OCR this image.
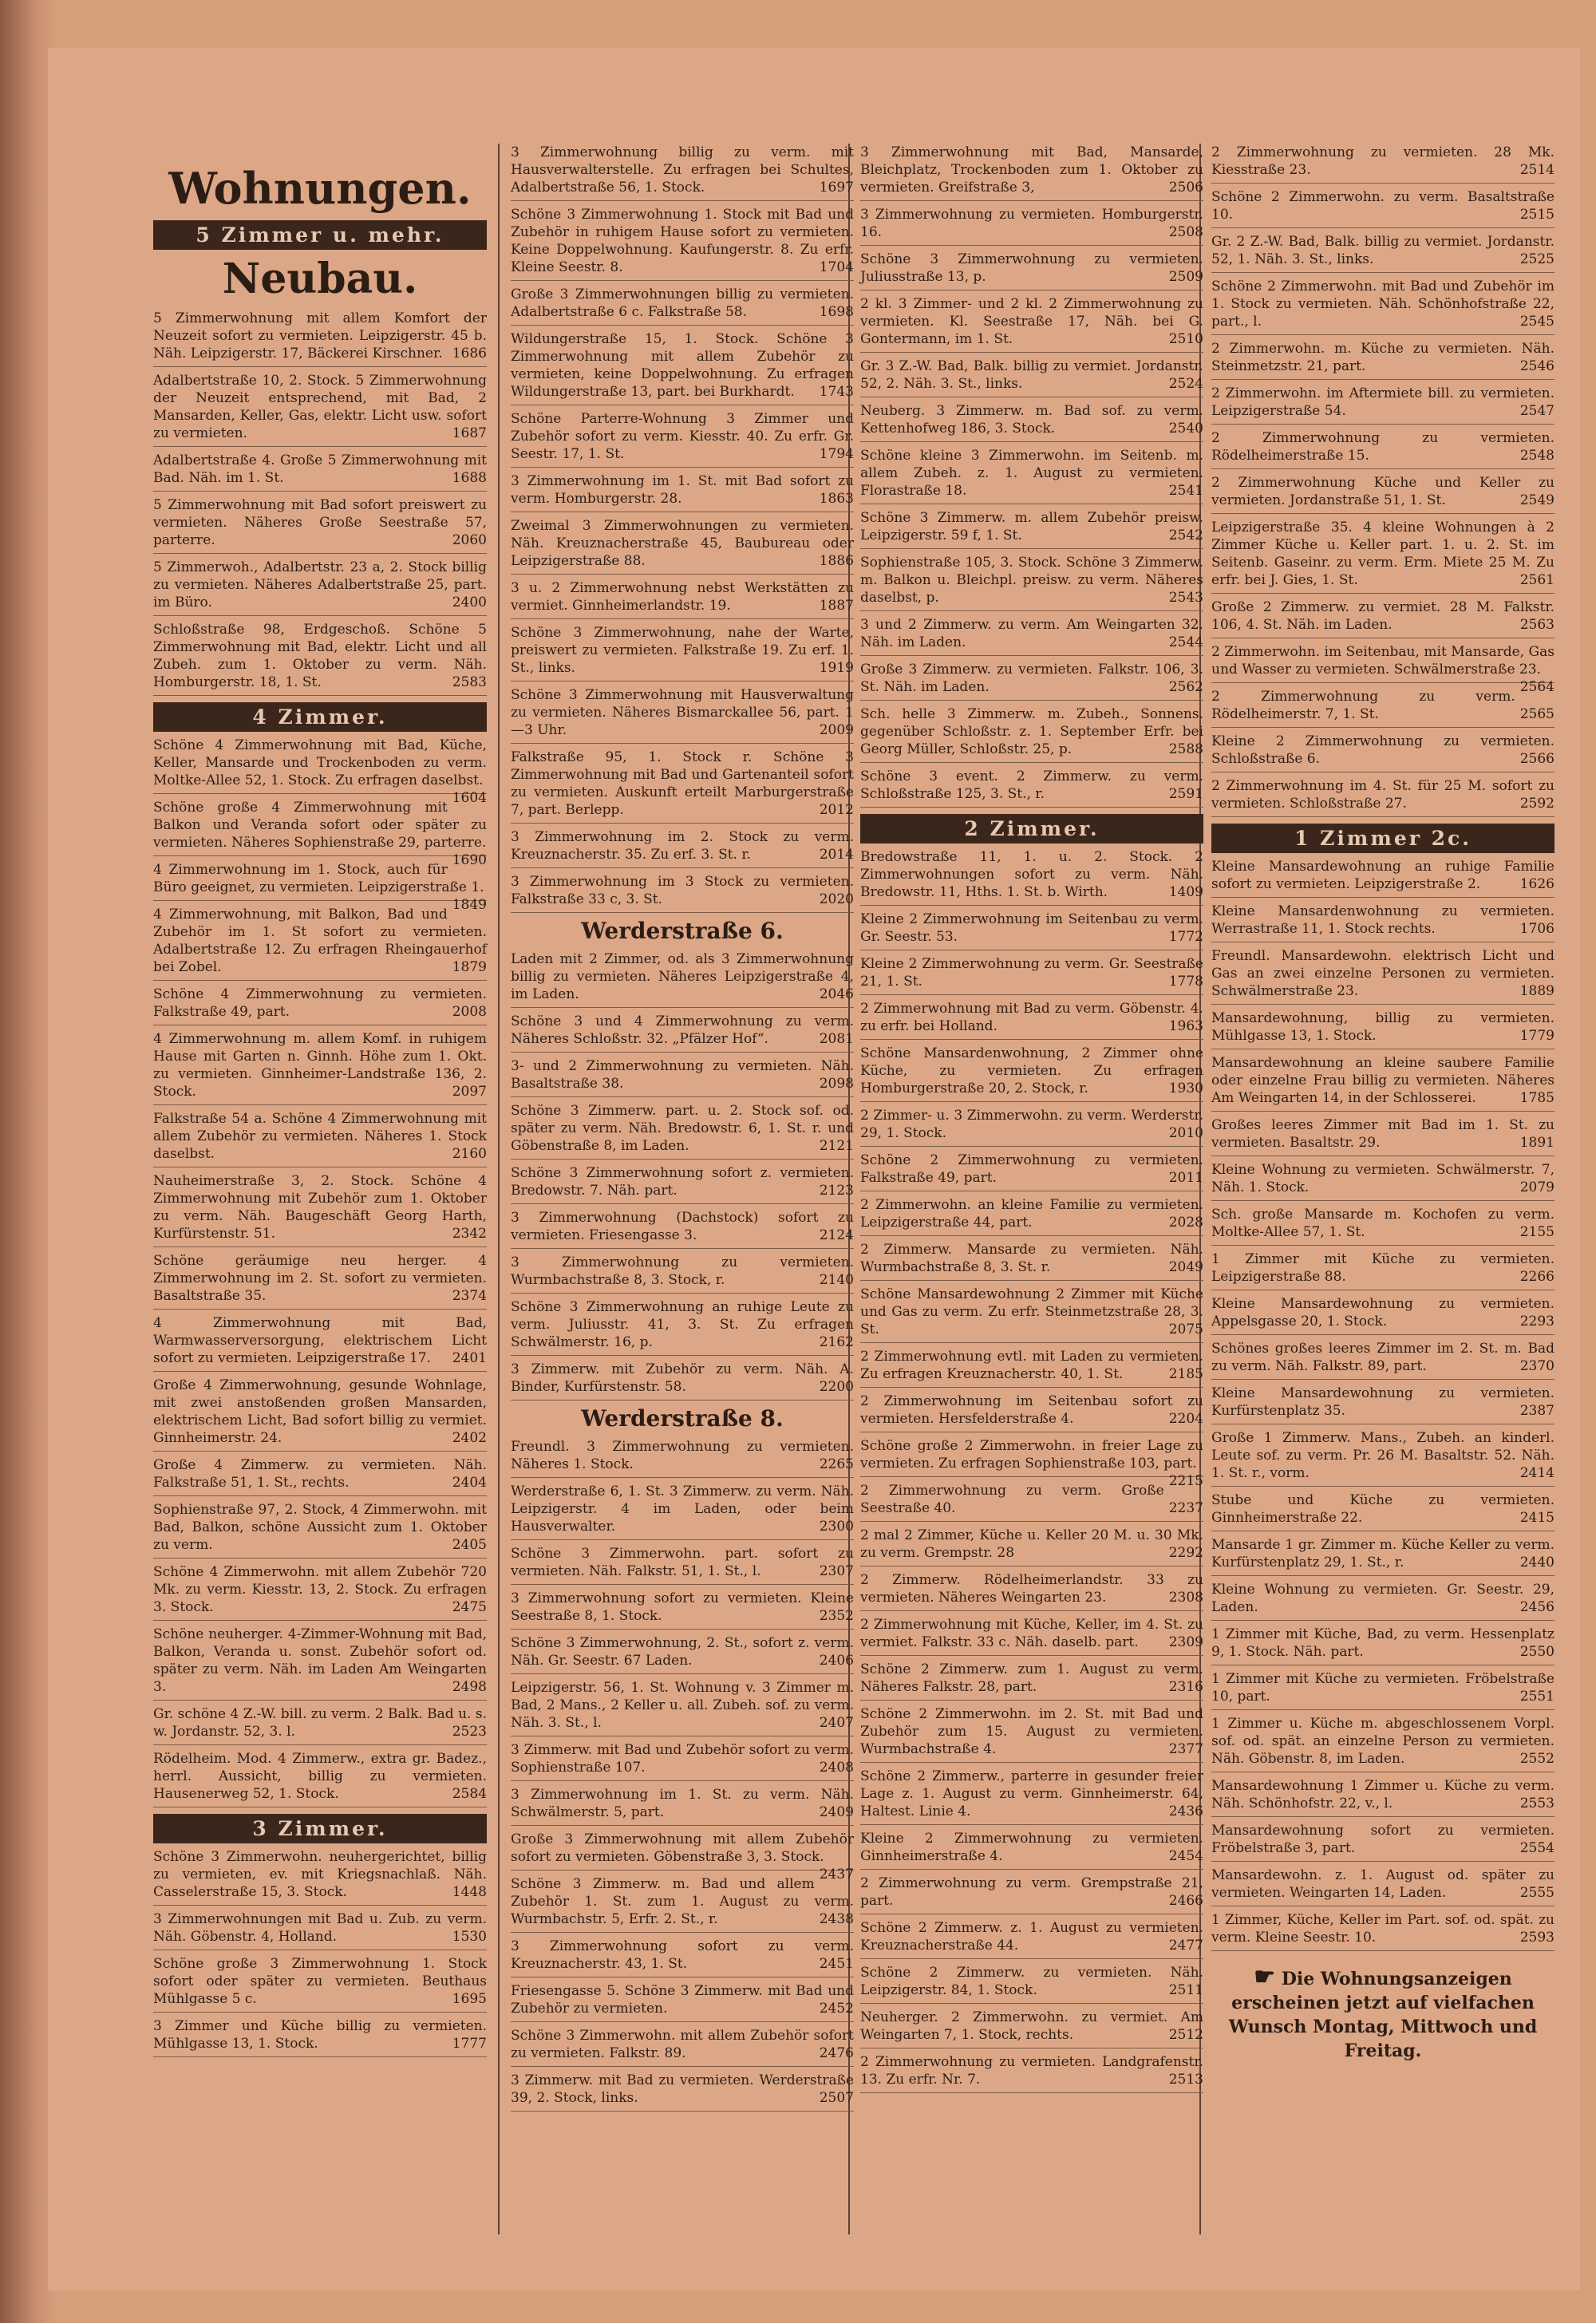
Wohnungen.
5 Zimmer u. mehr.
Neubau.
5 Zimmerwohnung mit allem Komfort der Neuzeit sofort zu vermieten. Leipzigerstr. 45 b. Näh. Leipzigerstr. 17, Bäckerei Kirschner. 1686
Adalbertstraße 10, 2. Stock. 5 Zimmerwohnung der Neuzeit entsprechend, mit Bad, 2 Mansarden, Keller, Gas, elektr. Licht usw. sofort zu vermieten.	1687
Adalbertstraße 4. Große 5 Zimmerwohnung mit Bad. Näh. im 1. St.	1688
5 Zimmerwohnung mit Bad sofort preiswert zu vermieten. Näheres Große Seestraße 57, parterre.	2060
5 Zimmerwoh., Adalbertstr. 23 a, 2. Stock billig zu vermieten. Näheres Adalbertstraße 25, part. im Büro.	2400
Schloßstraße 98, Erdgeschoß. Schöne 5 Zimmerwohnung mit Bad, elektr. Licht und all Zubeh. zum 1. Oktober zu verm. Näh. Homburgerstr. 18, 1. St.	2583
4 Zimmer.
Schöne 4 Zimmerwohnung mit Bad, Küche, Keller, Mansarde und Trockenboden zu verm. Moltke-Allee 52, 1. Stock. Zu erfragen daselbst.
1604
Schöne große 4 Zimmerwohnung mit Balkon und Veranda sofort oder später zu vermieten. Näheres Sophienstraße 29, parterre.
1690
4 Zimmerwohnung im 1. Stock, auch für Büro geeignet, zu vermieten. Leipzigerstraße 1.
1849
4 Zimmerwohnung, mit Balkon, Bad und Zubehör im 1. St sofort zu vermieten. Adalbertstraße 12. Zu erfragen Rheingauerhof bei Zobel.	1879
Schöne 4 Zimmerwohnung zu vermieten. Falkstraße 49, part.	2008
4 Zimmerwohnung m. allem Komf. in ruhigem Hause mit Garten n. Ginnh. Höhe zum 1. Okt. zu vermieten. Ginnheimer-Landstraße 136, 2. Stock.	2097
Falkstraße 54 a. Schöne 4 Zimmerwohnung mit allem Zubehör zu vermieten. Näheres 1. Stock daselbst.	2160
Nauheimerstraße 3, 2. Stock. Schöne 4 Zimmerwohnung mit Zubehör zum 1. Oktober zu verm. Näh. Baugeschäft Georg Harth, Kurfürstenstr. 51.	2342
Schöne geräumige neu herger. 4 Zimmerwohnung im 2. St. sofort zu vermieten. Basaltstraße 35.	2374
4 Zimmerwohnung mit Bad, Warmwasserversorgung, elektrischem Licht sofort zu vermieten. Leipzigerstraße 17.	2401
Große 4 Zimmerwohnung, gesunde Wohnlage, mit zwei anstoßenden großen Mansarden, elektrischem Licht, Bad sofort billig zu vermiet. Ginnheimerstr. 24.	2402
Große 4 Zimmerw. zu vermieten. Näh. Falkstraße 51, 1. St., rechts.	2404
Sophienstraße 97, 2. Stock, 4 Zimmerwohn. mit Bad, Balkon, schöne Aussicht zum 1. Oktober zu verm.	2405
Schöne 4 Zimmerwohn. mit allem Zubehör 720 Mk. zu verm. Kiesstr. 13, 2. Stock. Zu erfragen 3. Stock.	2475
Schöne neuherger. 4-Zimmer-Wohnung mit Bad, Balkon, Veranda u. sonst. Zubehör sofort od. später zu verm. Näh. im Laden Am Weingarten 3.	2498
Gr. schöne 4 Z.-W. bill. zu verm. 2 Balk. Bad u. s. w. Jordanstr. 52, 3. l.	2523
Rödelheim. Mod. 4 Zimmerw., extra gr. Badez., herrl. Aussicht, billig zu vermieten. Hausenerweg 52, 1. Stock.	2584
3 Zimmer.
Schöne 3 Zimmerwohn. neuhergerichtet, billig zu vermieten, ev. mit Kriegsnachlaß. Näh. Casselerstraße 15, 3. Stock.	1448
3 Zimmerwohnungen mit Bad u. Zub. zu verm. Näh. Göbenstr. 4, Holland.	1530
Schöne große 3 Zimmerwohnung 1. Stock sofort oder später zu vermieten. Beuthaus Mühlgasse 5 c.	1695
3 Zimmer und Küche billig zu vermieten. Mühlgasse 13, 1. Stock.	1777
3 Zimmerwohnung billig zu verm. mit Hausverwalterstelle. Zu erfragen bei Schultes, Adalbertstraße 56, 1. Stock.	1697
Schöne 3 Zimmerwohnung 1. Stock mit Bad und Zubehör in ruhigem Hause sofort zu vermieten. Keine Doppelwohnung. Kaufungerstr. 8. Zu erfr. Kleine Seestr. 8.	1704
Große 3 Zimmerwohnungen billig zu vermieten. Adalbertstraße 6 c. Falkstraße 58.	1698
Wildungerstraße 15, 1. Stock. Schöne 3 Zimmerwohnung mit allem Zubehör zu vermieten, keine Doppelwohnung. Zu erfragen Wildungerstraße 13, part. bei Burkhardt.	1743
Schöne Parterre-Wohnung 3 Zimmer und Zubehör sofort zu verm. Kiesstr. 40. Zu erfr. Gr. Seestr. 17, 1. St.	1794
3 Zimmerwohnung im 1. St. mit Bad sofort zu verm. Homburgerstr. 28.	1863
Zweimal 3 Zimmerwohnungen zu vermieten. Näh. Kreuznacherstraße 45, Baubureau oder Leipzigerstraße 88.	1886
3 u. 2 Zimmerwohnung nebst Werkstätten zu vermiet. Ginnheimerlandstr. 19.	1887
Schöne 3 Zimmerwohnung, nahe der Warte, preiswert zu vermieten. Falkstraße 19. Zu erf. 1. St., links.	1919
Schöne 3 Zimmerwohnung mit Hausverwaltung zu vermieten. Näheres Bismarckallee 56, part. 1—3 Uhr.	2009
Falkstraße 95, 1. Stock r. Schöne 3 Zimmerwohnung mit Bad und Gartenanteil sofort zu vermieten. Auskunft erteilt Marburgerstraße 7, part. Berlepp.	2012
3 Zimmerwohnung im 2. Stock zu verm. Kreuznacherstr. 35. Zu erf. 3. St. r.	2014
3 Zimmerwohnung im 3 Stock zu vermieten. Falkstraße 33 c, 3. St.	2020
Werderstraße 6.
Laden mit 2 Zimmer, od. als 3 Zimmerwohnung billig zu vermieten. Näheres Leipzigerstraße 4, im Laden.	2046
Schöne 3 und 4 Zimmerwohnung zu verm. Näheres Schloßstr. 32. „Pfälzer Hof“.	2081
3- und 2 Zimmerwohnung zu vermieten. Näh. Basaltstraße 38.	2098
Schöne 3 Zimmerw. part. u. 2. Stock sof. od. später zu verm. Näh. Bredowstr. 6, 1. St. r. und Göbenstraße 8, im Laden.	2121
Schöne 3 Zimmerwohnung sofort z. vermieten. Bredowstr. 7. Näh. part.	2123
3 Zimmerwohnung (Dachstock) sofort zu vermieten. Friesengasse 3.	2124
3 Zimmerwohnung zu vermieten. Wurmbachstraße 8, 3. Stock, r.	2140
Schöne 3 Zimmerwohnung an ruhige Leute zu verm. Juliusstr. 41, 3. St. Zu erfragen Schwälmerstr. 16, p.	2162
3 Zimmerw. mit Zubehör zu verm. Näh. A. Binder, Kurfürstenstr. 58.	2200
Werderstraße 8.
Freundl. 3 Zimmerwohnung zu vermieten. Näheres 1. Stock.	2265
Werderstraße 6, 1. St. 3 Zimmerw. zu verm. Näh. Leipzigerstr. 4 im Laden, oder beim Hausverwalter.	2300
Schöne 3 Zimmerwohn. part. sofort zu vermieten. Näh. Falkstr. 51, 1. St., l.	2307
3 Zimmerwohnung sofort zu vermieten. Kleine Seestraße 8, 1. Stock.	2352
Schöne 3 Zimmerwohnung, 2. St., sofort z. verm. Näh. Gr. Seestr. 67 Laden.	2406
Leipzigerstr. 56, 1. St. Wohnung v. 3 Zimmer m. Bad, 2 Mans., 2 Keller u. all. Zubeh. sof. zu verm. Näh. 3. St., l.	2407
3 Zimmerw. mit Bad und Zubehör sofort zu verm. Sophienstraße 107.	2408
3 Zimmerwohnung im 1. St. zu verm. Näh. Schwälmerstr. 5, part.	2409
Große 3 Zimmerwohnung mit allem Zubehör sofort zu vermieten. Göbenstraße 3, 3. Stock.
2437
Schöne 3 Zimmerw. m. Bad und allem Zubehör 1. St. zum 1. August zu verm. Wurmbachstr. 5, Erfr. 2. St., r.	2438
3 Zimmerwohnung sofort zu verm. Kreuznacherstr. 43, 1. St.	2451
Friesengasse 5. Schöne 3 Zimmerw. mit Bad und Zubehör zu vermieten.	2452
Schöne 3 Zimmerwohn. mit allem Zubehör sofort zu vermieten. Falkstr. 89.	2476
3 Zimmerw. mit Bad zu vermieten. Werderstraße 39, 2. Stock, links.	2507
3 Zimmerwohnung mit Bad, Mansarde, Bleichplatz, Trockenboden zum 1. Oktober zu vermieten. Greifstraße 3,	2506
3 Zimmerwohnung zu vermieten. Homburgerstr. 16.	2508
Schöne 3 Zimmerwohnung zu vermieten. Juliusstraße 13, p.	2509
2 kl. 3 Zimmer- und 2 kl. 2 Zimmerwohnung zu vermieten. Kl. Seestraße 17, Näh. bei G. Gontermann, im 1. St.	2510
Gr. 3 Z.-W. Bad, Balk. billig zu vermiet. Jordanstr. 52, 2. Näh. 3. St., links.	2524
Neuberg. 3 Zimmerw. m. Bad sof. zu verm. Kettenhofweg 186, 3. Stock.	2540
Schöne kleine 3 Zimmerwohn. im Seitenb. m. allem Zubeh. z. 1. August zu vermieten. Florastraße 18.	2541
Schöne 3 Zimmerw. m. allem Zubehör preisw. Leipzigerstr. 59 f, 1. St.	2542
Sophienstraße 105, 3. Stock. Schöne 3 Zimmerw. m. Balkon u. Bleichpl. preisw. zu verm. Näheres daselbst, p.	2543
3 und 2 Zimmerw. zu verm. Am Weingarten 32. Näh. im Laden.	2544
Große 3 Zimmerw. zu vermieten. Falkstr. 106, 3. St. Näh. im Laden.	2562
Sch. helle 3 Zimmerw. m. Zubeh., Sonnens. gegenüber Schloßstr. z. 1. September Erfr. bei Georg Müller, Schloßstr. 25, p.	2588
Schöne 3 event. 2 Zimmerw. zu verm. Schloßstraße 125, 3. St., r.	2591
2 Zimmer.
Bredowstraße 11, 1. u. 2. Stock. 2 Zimmerwohnungen sofort zu verm. Näh. Bredowstr. 11, Hths. 1. St. b. Wirth.	1409
Kleine 2 Zimmerwohnung im Seitenbau zu verm. Gr. Seestr. 53.	1772
Kleine 2 Zimmerwohnung zu verm. Gr. Seestraße 21, 1. St.	1778
2 Zimmerwohnung mit Bad zu verm. Göbenstr. 4. zu erfr. bei Holland.	1963
Schöne Mansardenwohnung, 2 Zimmer ohne Küche, zu vermieten. Zu erfragen Homburgerstraße 20, 2. Stock, r.	1930
2 Zimmer- u. 3 Zimmerwohn. zu verm. Werderstr. 29, 1. Stock.	2010
Schöne 2 Zimmerwohnung zu vermieten. Falkstraße 49, part.	2011
2 Zimmerwohn. an kleine Familie zu vermieten. Leipzigerstraße 44, part.	2028
2 Zimmerw. Mansarde zu vermieten. Näh. Wurmbachstraße 8, 3. St. r.	2049
Schöne Mansardewohnung 2 Zimmer mit Küche und Gas zu verm. Zu erfr. Steinmetzstraße 28, 3. St.	2075
2 Zimmerwohnung evtl. mit Laden zu vermieten. Zu erfragen Kreuznacherstr. 40, 1. St.	2185
2 Zimmerwohnung im Seitenbau sofort zu vermieten. Hersfelderstraße 4.	2204
Schöne große 2 Zimmerwohn. in freier Lage zu vermieten. Zu erfragen Sophienstraße 103, part.
2215
2 Zimmerwohnung zu verm. Große Seestraße 40.	2237
2 mal 2 Zimmer, Küche u. Keller 20 M. u. 30 Mk. zu verm. Grempstr. 28	2292
2 Zimmerw. Rödelheimerlandstr. 33 zu vermieten. Näheres Weingarten 23.	2308
2 Zimmerwohnung mit Küche, Keller, im 4. St. zu vermiet. Falkstr. 33 c. Näh. daselb. part.	2309
Schöne 2 Zimmerw. zum 1. August zu verm. Näheres Falkstr. 28, part.	2316
Schöne 2 Zimmerwohn. im 2. St. mit Bad und Zubehör zum 15. August zu vermieten. Wurmbachstraße 4.	2377
Schöne 2 Zimmerw., parterre in gesunder freier Lage z. 1. August zu verm. Ginnheimerstr. 64, Haltest. Linie 4.	2436
Kleine 2 Zimmerwohnung zu vermieten. Ginnheimerstraße 4.	2454
2 Zimmerwohnung zu verm. Grempstraße 21, part.	2466
Schöne 2 Zimmerw. z. 1. August zu vermieten. Kreuznacherstraße 44.	2477
Schöne 2 Zimmerw. zu vermieten. Näh. Leipzigerstr. 84, 1. Stock.	2511
Neuherger. 2 Zimmerwohn. zu vermiet. Am Weingarten 7, 1. Stock, rechts.	2512
2 Zimmerwohnung zu vermieten. Landgrafenstr. 13. Zu erfr. Nr. 7.	2513
2 Zimmerwohnung zu vermieten. 28 Mk. Kiesstraße 23.	2514
Schöne 2 Zimmerwohn. zu verm. Basaltstraße 10.	2515
Gr. 2 Z.-W. Bad, Balk. billig zu vermiet. Jordanstr. 52, 1. Näh. 3. St., links.	2525
Schöne 2 Zimmerwohn. mit Bad und Zubehör im 1. Stock zu vermieten. Näh. Schönhofstraße 22, part., l.	2545
2 Zimmerwohn. m. Küche zu vermieten. Näh. Steinmetzstr. 21, part.	2546
2 Zimmerwohn. im Aftermiete bill. zu vermieten. Leipzigerstraße 54.	2547
2 Zimmerwohnung zu vermieten. Rödelheimerstraße 15.	2548
2 Zimmerwohnung Küche und Keller zu vermieten. Jordanstraße 51, 1. St.	2549
Leipzigerstraße 35. 4 kleine Wohnungen à 2 Zimmer Küche u. Keller part. 1. u. 2. St. im Seitenb. Gaseinr. zu verm. Erm. Miete 25 M. Zu erfr. bei J. Gies, 1. St.	2561
Große 2 Zimmerw. zu vermiet. 28 M. Falkstr. 106, 4. St. Näh. im Laden.	2563
2 Zimmerwohn. im Seitenbau, mit Mansarde, Gas und Wasser zu vermieten. Schwälmerstraße 23.
2564
2 Zimmerwohnung zu verm. Rödelheimerstr. 7, 1. St.	2565
Kleine 2 Zimmerwohnung zu vermieten. Schloßstraße 6.	2566
2 Zimmerwohnung im 4. St. für 25 M. sofort zu vermieten. Schloßstraße 27.	2592
1 Zimmer 2c.
Kleine Mansardewohnung an ruhige Familie sofort zu vermieten. Leipzigerstraße 2.	1626
Kleine Mansardenwohnung zu vermieten. Werrastraße 11, 1. Stock rechts.	1706
Freundl. Mansardewohn. elektrisch Licht und Gas an zwei einzelne Personen zu vermieten. Schwälmerstraße 23.	1889
Mansardewohnung, billig zu vermieten. Mühlgasse 13, 1. Stock.	1779
Mansardewohnung an kleine saubere Familie oder einzelne Frau billig zu vermieten. Näheres Am Weingarten 14, in der Schlosserei.	1785
Großes leeres Zimmer mit Bad im 1. St. zu vermieten. Basaltstr. 29.	1891
Kleine Wohnung zu vermieten. Schwälmerstr. 7, Näh. 1. Stock.	2079
Sch. große Mansarde m. Kochofen zu verm. Moltke-Allee 57, 1. St.	2155
1 Zimmer mit Küche zu vermieten. Leipzigerstraße 88.	2266
Kleine Mansardewohnung zu vermieten. Appelsgasse 20, 1. Stock.	2293
Schönes großes leeres Zimmer im 2. St. m. Bad zu verm. Näh. Falkstr. 89, part.	2370
Kleine Mansardewohnung zu vermieten. Kurfürstenplatz 35.	2387
Große 1 Zimmerw. Mans., Zubeh. an kinderl. Leute sof. zu verm. Pr. 26 M. Basaltstr. 52. Näh. 1. St. r., vorm.	2414
Stube und Küche zu vermieten. Ginnheimerstraße 22.	2415
Mansarde 1 gr. Zimmer m. Küche Keller zu verm. Kurfürstenplatz 29, 1. St., r.	2440
Kleine Wohnung zu vermieten. Gr. Seestr. 29, Laden.	2456
1 Zimmer mit Küche, Bad, zu verm. Hessenplatz 9, 1. Stock. Näh. part.	2550
1 Zimmer mit Küche zu vermieten. Fröbelstraße 10, part.	2551
1 Zimmer u. Küche m. abgeschlossenem Vorpl. sof. od. spät. an einzelne Person zu vermieten. Näh. Göbenstr. 8, im Laden.	2552
Mansardewohnung 1 Zimmer u. Küche zu verm. Näh. Schönhofstr. 22, v., l.	2553
Mansardewohnung sofort zu vermieten. Fröbelstraße 3, part.	2554
Mansardewohn. z. 1. August od. später zu vermieten. Weingarten 14, Laden.	2555
1 Zimmer, Küche, Keller im Part. sof. od. spät. zu verm. Kleine Seestr. 10.	2593
☛ Die Wohnungsanzeigen erscheinen jetzt auf vielfachen Wunsch Montag, Mittwoch und Freitag.
